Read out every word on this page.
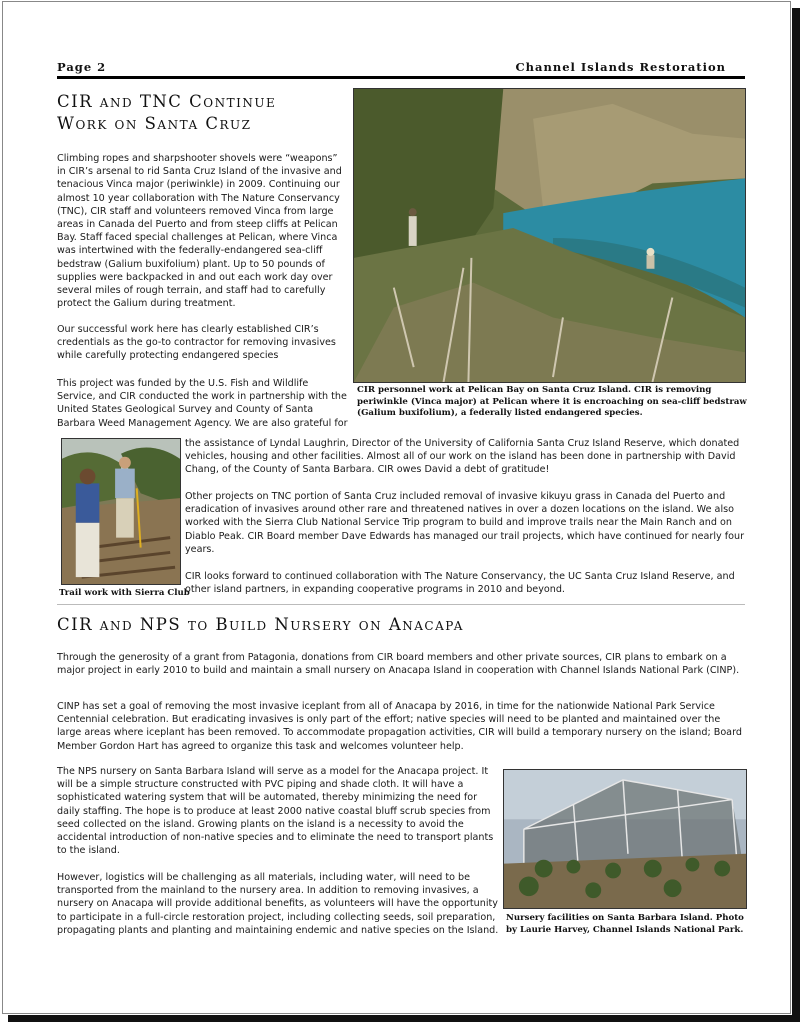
Page 2	Channel Islands Restoration
CIR and TNC Continue
Work on Santa Cruz

Climbing ropes and sharpshooter shovels were “weapons” in CIR’s arsenal to rid Santa Cruz Island of the invasive and tenacious Vinca major (periwinkle) in 2009. Continuing our almost 10 year collaboration with The Nature Conservancy (TNC), CIR staff and volunteers removed Vinca from large areas in Canada del Puerto and from steep cliffs at Pelican Bay. Staff faced special challenges at Pelican, where Vinca was intertwined with the federally-endangered sea-cliff bedstraw (Galium buxifolium) plant. Up to 50 pounds of supplies were backpacked in and out each work day over several miles of rough terrain, and staff had to carefully protect the Galium during treatment.

Our successful work here has clearly established CIR’s credentials as the go-to contractor for removing invasives while carefully protecting endangered species

This project was funded by the U.S. Fish and Wildlife Service, and CIR conducted the work in partnership with the United States Geological Survey and County of Santa Barbara Weed Management Agency. We are also grateful for

CIR personnel work at Pelican Bay on Santa Cruz Island. CIR is removing periwinkle (Vinca major) at Pelican where it is encroaching on sea-cliff bedstraw (Galium buxifolium), a federally listed endangered species.

Trail work with Sierra Club

the assistance of Lyndal Laughrin, Director of the University of California Santa Cruz Island Reserve, which donated vehicles, housing and other facilities. Almost all of our work on the island has been done in partnership with David Chang, of the County of Santa Barbara. CIR owes David a debt of gratitude!

Other projects on TNC portion of Santa Cruz included removal of invasive kikuyu grass in Canada del Puerto and eradication of invasives around other rare and threatened natives in over a dozen locations on the island. We also worked with the Sierra Club National Service Trip program to build and improve trails near the Main Ranch and on Diablo Peak. CIR Board member Dave Edwards has managed our trail projects, which have continued for nearly four years.

CIR looks forward to continued collaboration with The Nature Conservancy, the UC Santa Cruz Island Reserve, and other island partners, in expanding cooperative programs in 2010 and beyond.

CIR and NPS to Build Nursery on Anacapa

Through the generosity of a grant from Patagonia, donations from CIR board members and other private sources, CIR plans to embark on a major project in early 2010 to build and maintain a small nursery on Anacapa Island in cooperation with Channel Islands National Park (CINP).

CINP has set a goal of removing the most invasive iceplant from all of Anacapa by 2016, in time for the nationwide National Park Service Centennial celebration. But eradicating invasives is only part of the effort; native species will need to be planted and maintained over the large areas where iceplant has been removed. To accommodate propagation activities, CIR will build a temporary nursery on the island; Board Member Gordon Hart has agreed to organize this task and welcomes volunteer help.

The NPS nursery on Santa Barbara Island will serve as a model for the Anacapa project. It will be a simple structure constructed with PVC piping and shade cloth. It will have a sophisticated watering system that will be automated, thereby minimizing the need for daily staffing. The hope is to produce at least 2000 native coastal bluff scrub species from seed collected on the island. Growing plants on the island is a necessity to avoid the accidental introduction of non-native species and to eliminate the need to transport plants to the island.

However, logistics will be challenging as all materials, including water, will need to be transported from the mainland to the nursery area. In addition to removing invasives, a nursery on Anacapa will provide additional benefits, as volunteers will have the opportunity to participate in a full-circle restoration project, including collecting seeds, soil preparation, propagating plants and planting and maintaining endemic and native species on the Island.

Nursery facilities on Santa Barbara Island. Photo by Laurie Harvey, Channel Islands National Park.
